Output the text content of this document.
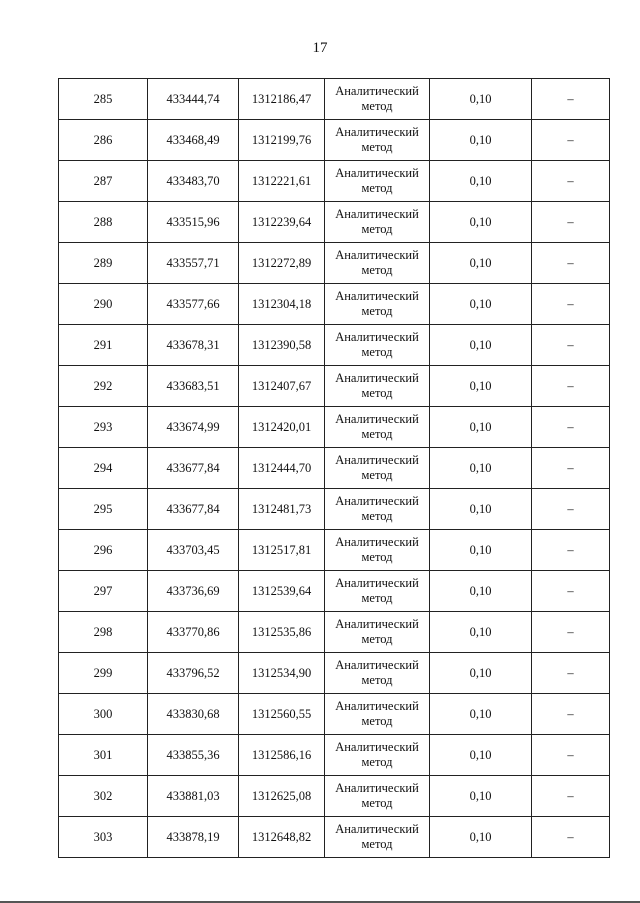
17
285	433444,74	1312186,47	Аналитический
метод	0,10	–
286	433468,49	1312199,76	Аналитический
метод	0,10	–
287	433483,70	1312221,61	Аналитический
метод	0,10	–
288	433515,96	1312239,64	Аналитический
метод	0,10	–
289	433557,71	1312272,89	Аналитический
метод	0,10	–
290	433577,66	1312304,18	Аналитический
метод	0,10	–
291	433678,31	1312390,58	Аналитический
метод	0,10	–
292	433683,51	1312407,67	Аналитический
метод	0,10	–
293	433674,99	1312420,01	Аналитический
метод	0,10	–
294	433677,84	1312444,70	Аналитический
метод	0,10	–
295	433677,84	1312481,73	Аналитический
метод	0,10	–
296	433703,45	1312517,81	Аналитический
метод	0,10	–
297	433736,69	1312539,64	Аналитический
метод	0,10	–
298	433770,86	1312535,86	Аналитический
метод	0,10	–
299	433796,52	1312534,90	Аналитический
метод	0,10	–
300	433830,68	1312560,55	Аналитический
метод	0,10	–
301	433855,36	1312586,16	Аналитический
метод	0,10	–
302	433881,03	1312625,08	Аналитический
метод	0,10	–
303	433878,19	1312648,82	Аналитический
метод	0,10	–
